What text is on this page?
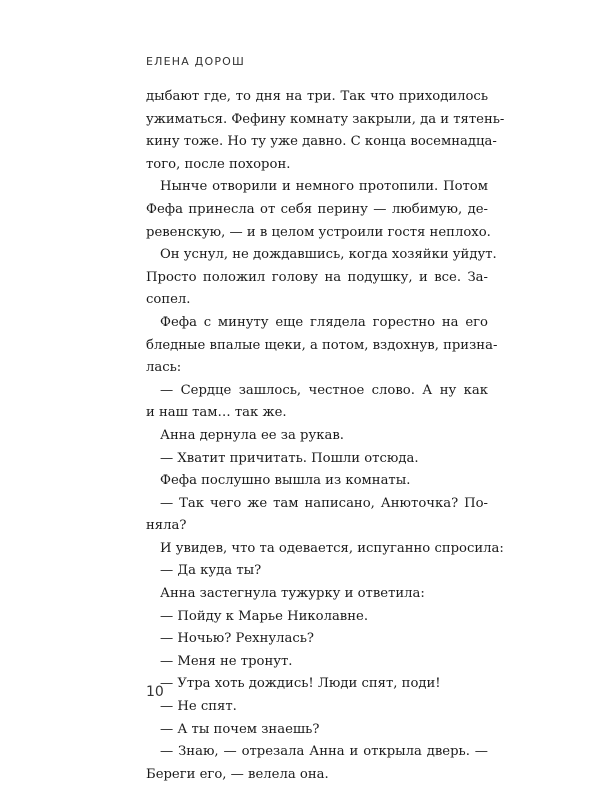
ЕЛЕНА ДОРОШ
дыбают где, то дня на три. Так что приходилось
ужиматься. Фефину комнату закрыли, да и тятень-
кину тоже. Но ту уже давно. С конца восемнадца-
того, после похорон.
Нынче отворили и немного протопили. Потом
Фефа принесла от себя перину — любимую, де-
ревенскую, — и в целом устроили гостя неплохо.
Он уснул, не дождавшись, когда хозяйки уйдут.
Просто положил голову на подушку, и все. За-
сопел.
Фефа с минуту еще глядела горестно на его
бледные впалые щеки, а потом, вздохнув, призна-
лась:
— Сердце зашлось, честное слово. А ну как
и наш там… так же.
Анна дернула ее за рукав.
— Хватит причитать. Пошли отсюда.
Фефа послушно вышла из комнаты.
— Так чего же там написано, Анюточка? По-
няла?
И увидев, что та одевается, испуганно спросила:
— Да куда ты?
Анна застегнула тужурку и ответила:
— Пойду к Марье Николавне.
— Ночью? Рехнулась?
— Меня не тронут.
— Утра хоть дождись! Люди спят, поди!
— Не спят.
— А ты почем знаешь?
— Знаю, — отрезала Анна и открыла дверь. —
Береги его, — велела она.
10
